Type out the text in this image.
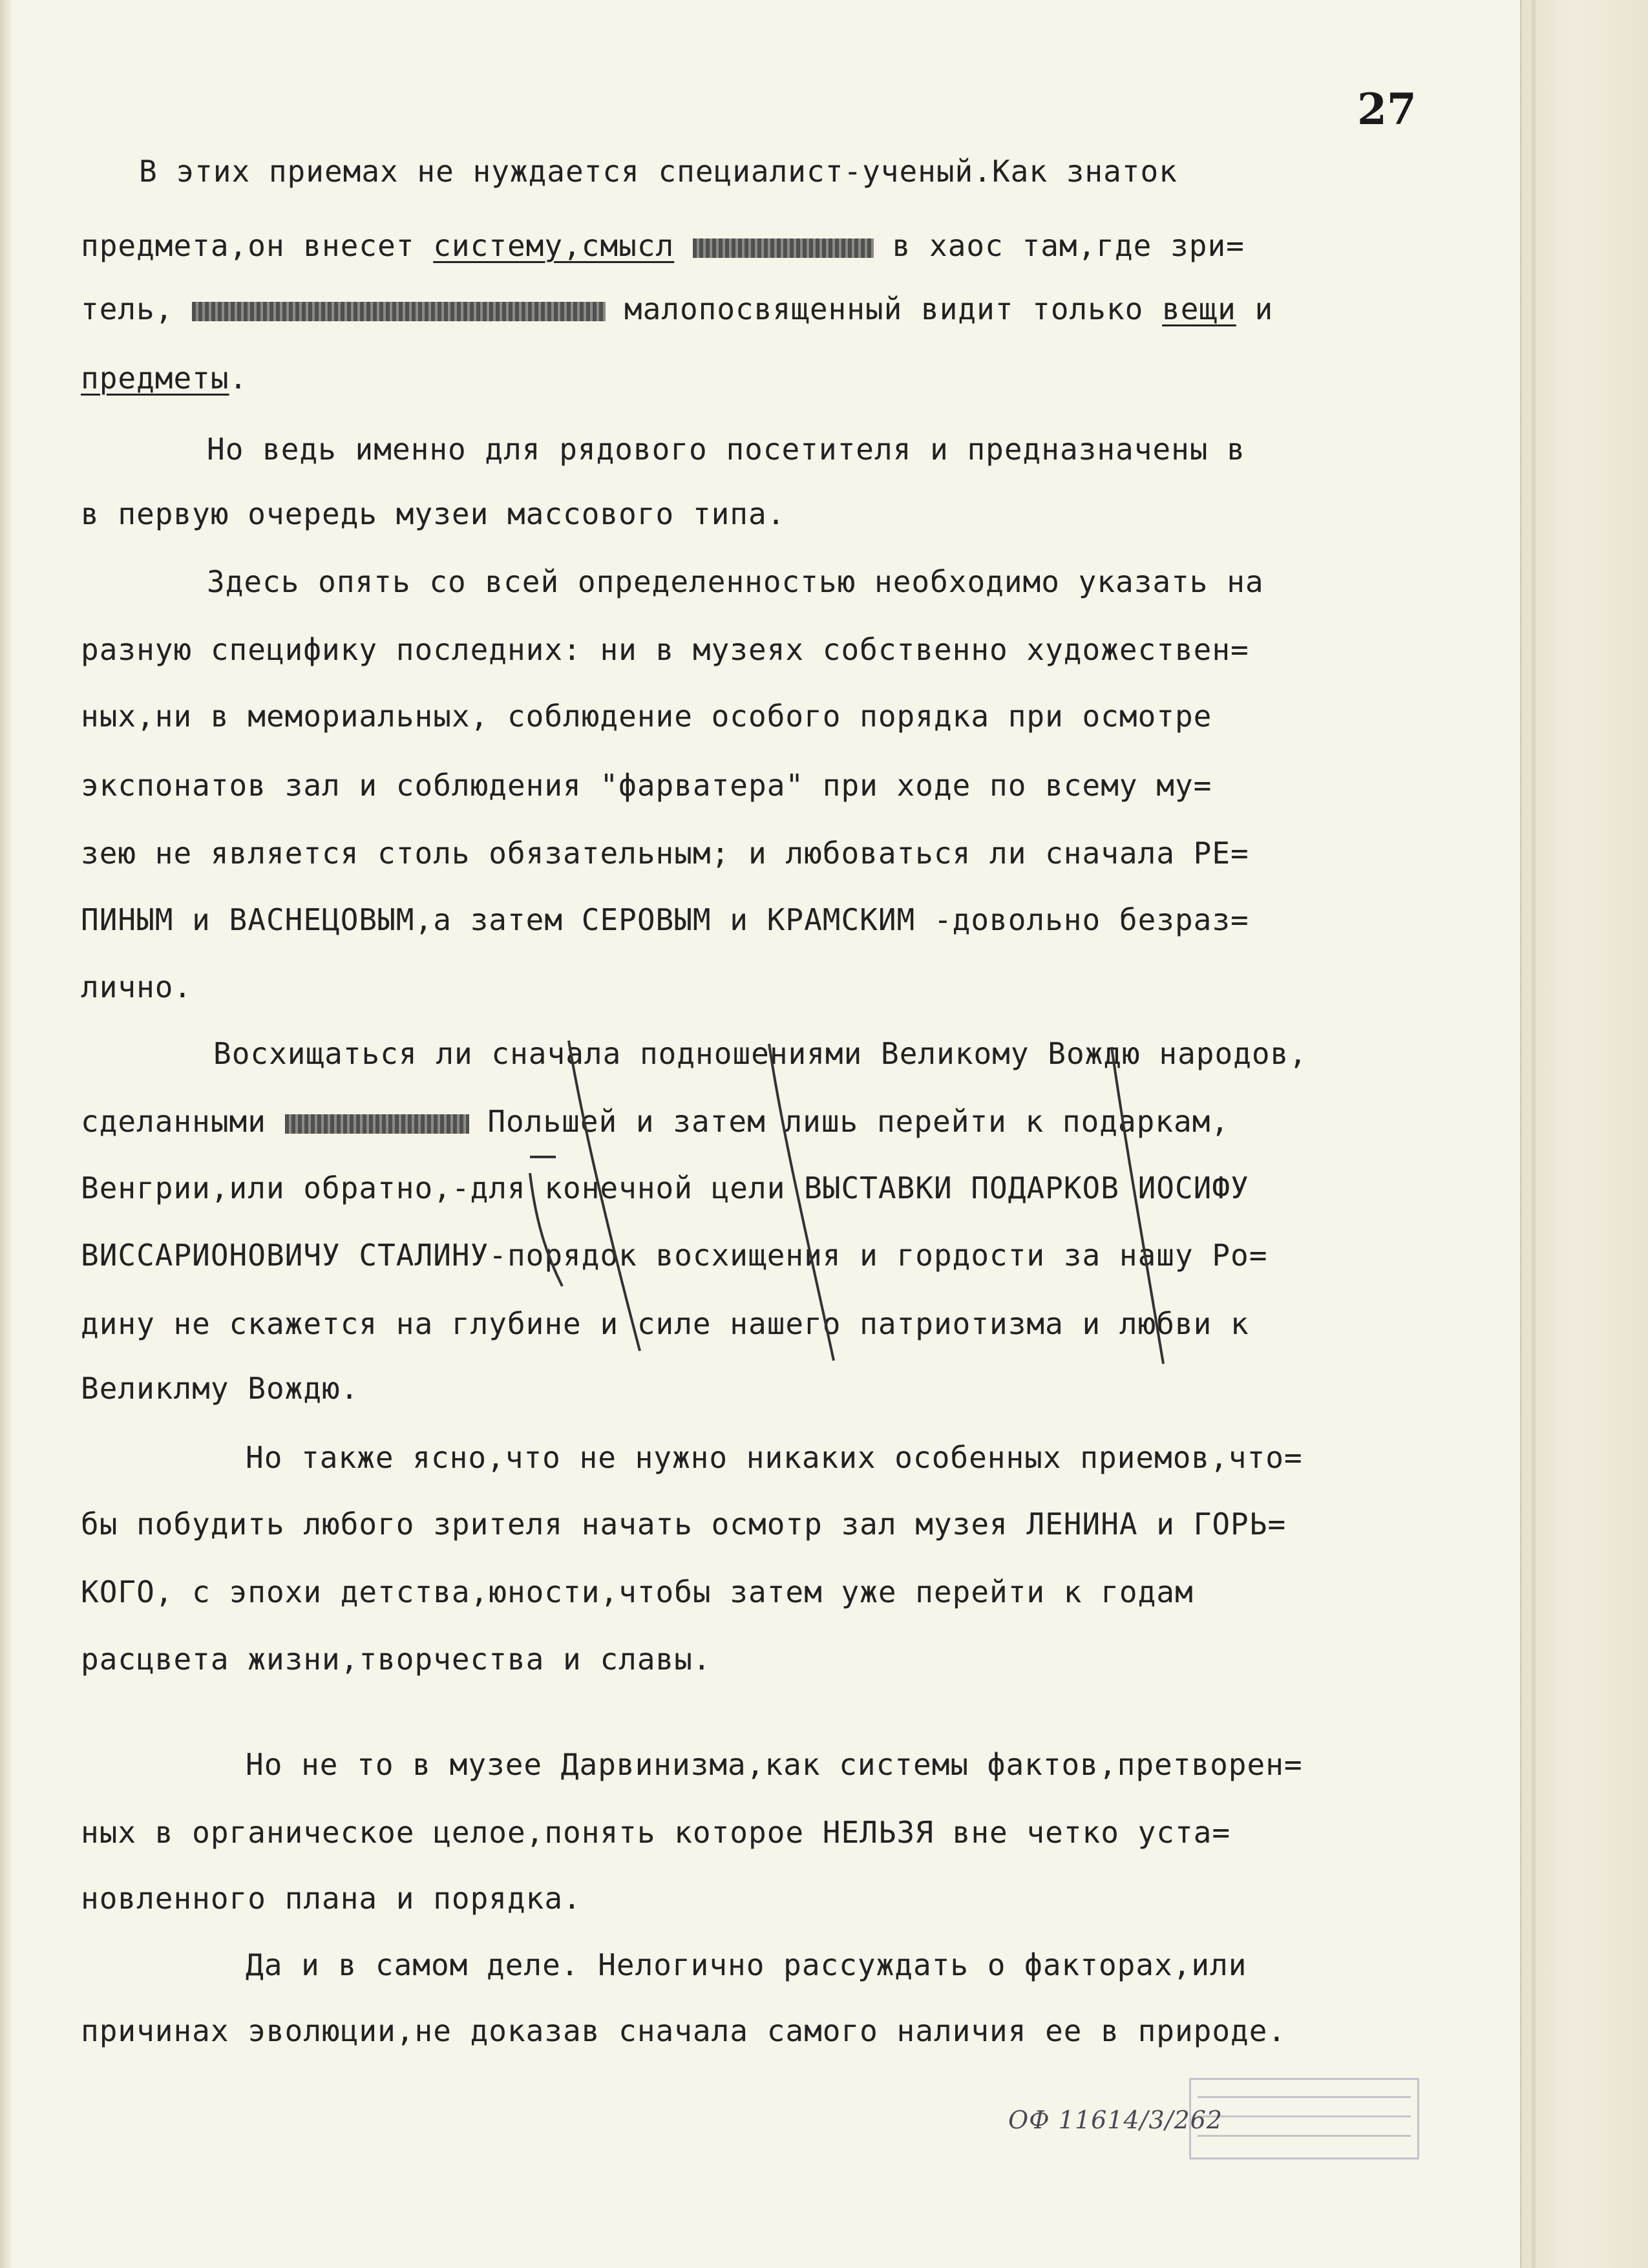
27

В этих приемах не нуждается специалист-ученый.Как знаток

предмета,он внесет систему,смысл	в хаос там,где зри=

тель,	малопосвященный видит только вещи и

предметы.

Но ведь именно для рядового посетителя и предназначены в

в первую очередь музеи массового типа.

Здесь опять со всей определенностью необходимо указать на

разную специфику последних: ни в музеях собственно художествен=

ных,ни в мемориальных, соблюдение особого порядка при осмотре

экспонатов зал и соблюдения "фарватера" при ходе по всему му=

зею не является столь обязательным; и любоваться ли сначала РЕ=

ПИНЫМ и ВАСНЕЦОВЫМ,а затем СЕРОВЫМ и КРАМСКИМ -довольно безраз=

лично.

Восхищаться ли сначала подношениями Великому Вождю народов,

сделанными	Польшей и затем лишь перейти к подаркам,

Венгрии,или обратно,-для конечной цели ВЫСТАВКИ ПОДАРКОВ ИОСИФУ

ВИССАРИОНОВИЧУ СТАЛИНУ-порядок восхищения и гордости за нашу Ро=

дину не скажется на глубине и силе нашего патриотизма и любви к

Великлму Вождю.

Но также ясно,что не нужно никаких особенных приемов,что=

бы побудить любого зрителя начать осмотр зал музея ЛЕНИНА и ГОРЬ=

КОГО, с эпохи детства,юности,чтобы затем уже перейти к годам

расцвета жизни,творчества и славы.

Но не то в музее Дарвинизма,как системы фактов,претворен=

ных в органическое целое,понять которое НЕЛЬЗЯ вне четко уста=

новленного плана и порядка.

Да и в самом деле. Нелогично рассуждать о факторах,или

причинах эволюции,не доказав сначала самого наличия ее в природе.

ОФ 11614/3/262
